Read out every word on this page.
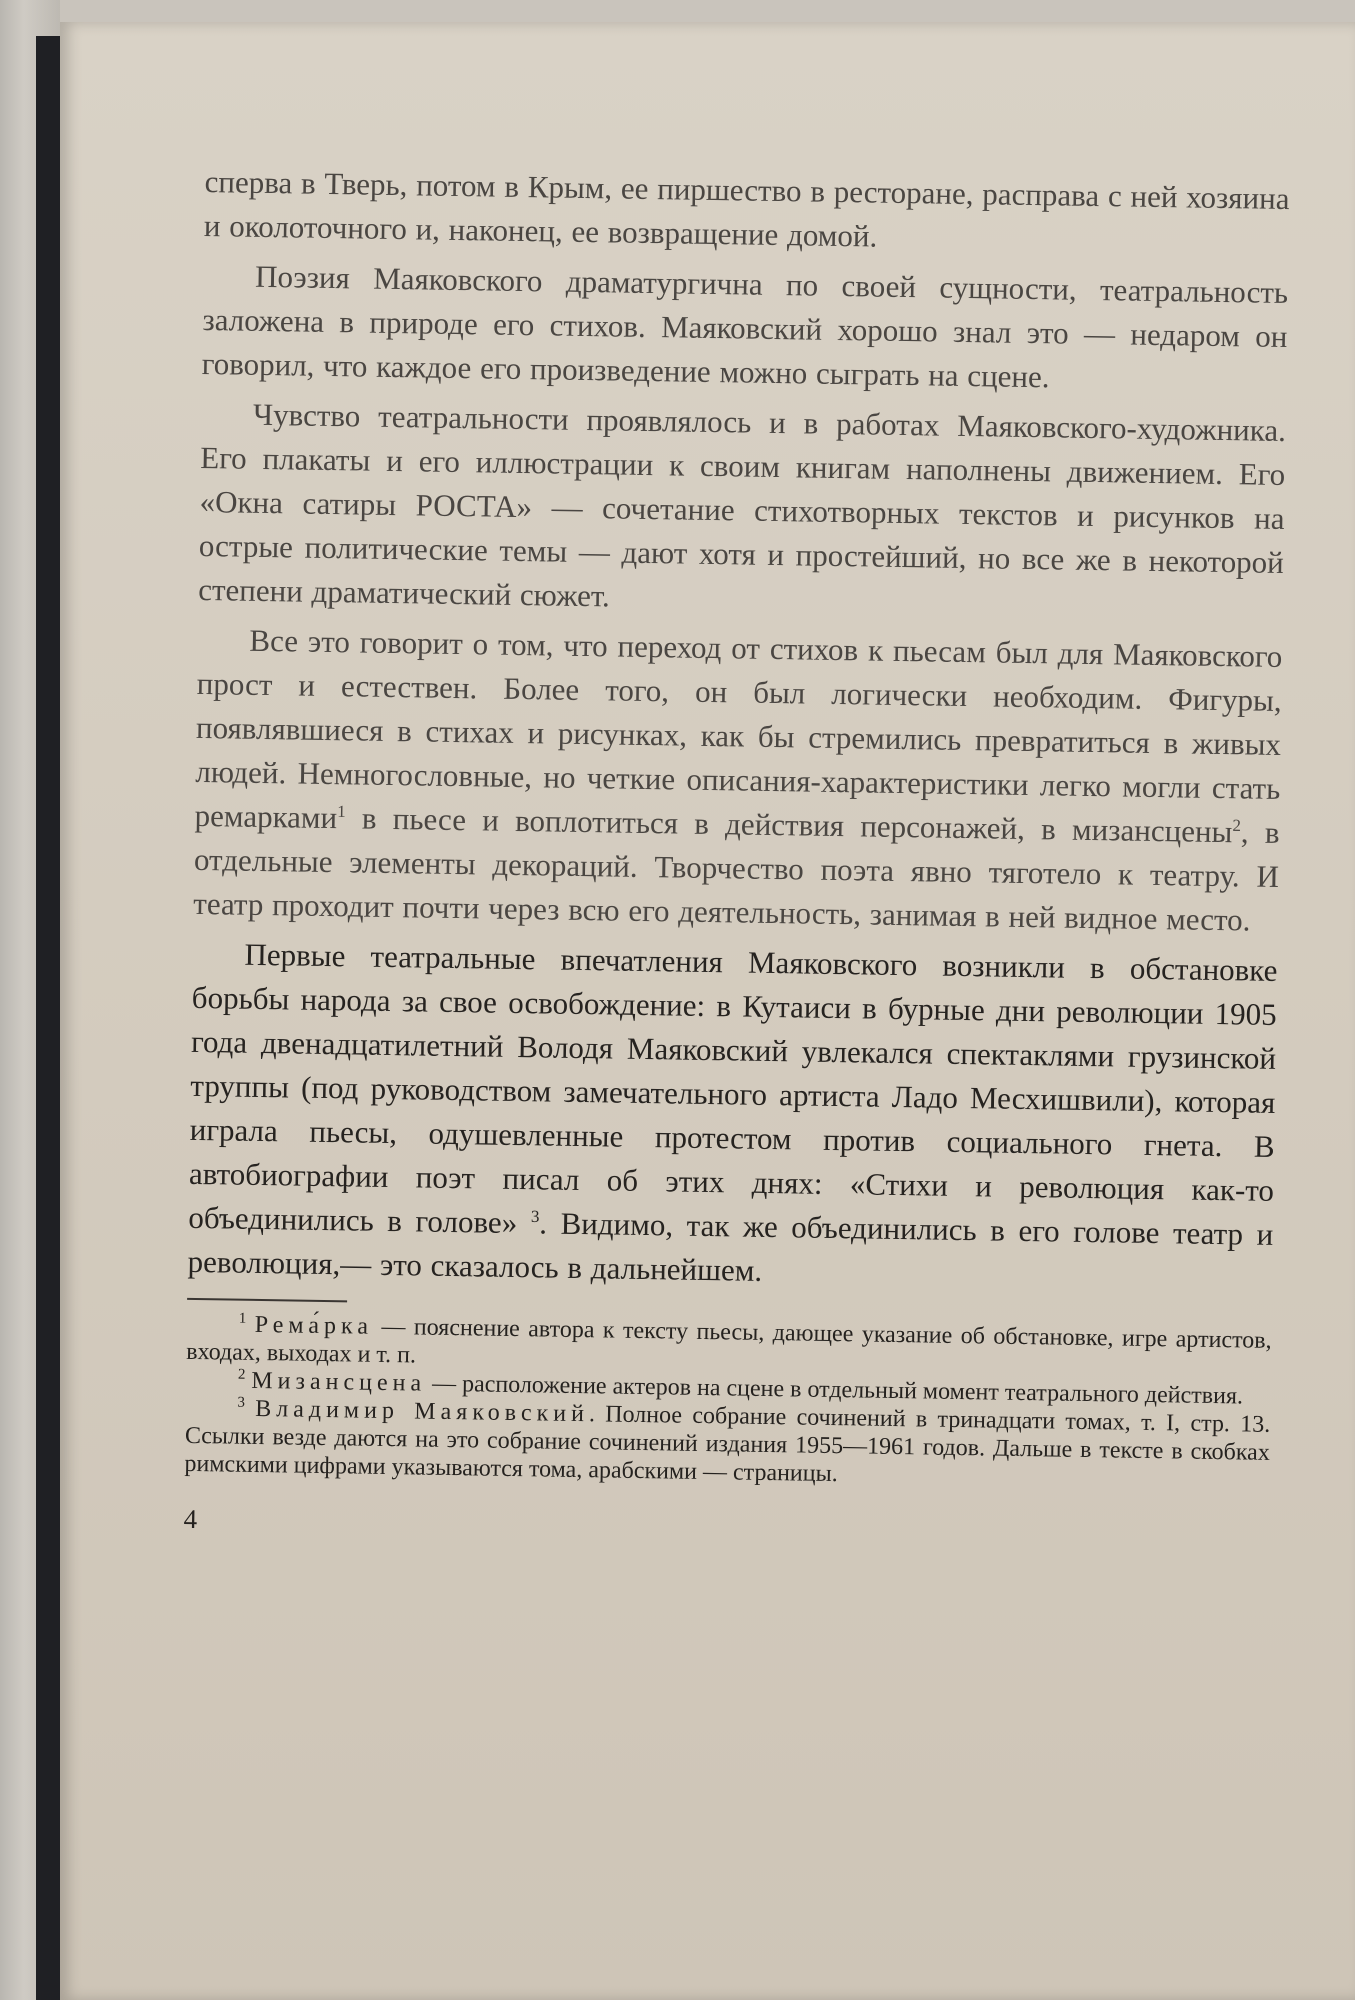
сперва в Тверь, потом в Крым, ее пиршество в ресторане, расправа с ней хозяина и околоточного и, наконец, ее возвращение домой.

Поэзия Маяковского драматургична по своей сущности, театральность заложена в природе его стихов. Маяковский хорошо знал это — недаром он говорил, что каждое его произведение можно сыграть на сцене.

Чувство театральности проявлялось и в работах Маяковского-художника. Его плакаты и его иллюстрации к своим книгам наполнены движением. Его «Окна сатиры РОСТА» — сочетание стихотворных текстов и рисунков на острые политические темы — дают хотя и простейший, но все же в некоторой степени драматический сюжет.

Все это говорит о том, что переход от стихов к пьесам был для Маяковского прост и естествен. Более того, он был логически необходим. Фигуры, появлявшиеся в стихах и рисунках, как бы стремились превратиться в живых людей. Немногословные, но четкие описания-характеристики легко могли стать ремарками$^1$ в пьесе и воплотиться в действия персонажей, в мизансцены$^2$, в отдельные элементы декораций. Творчество поэта явно тяготело к театру. И театр проходит почти через всю его деятельность, занимая в ней видное место.

Первые театральные впечатления Маяковского возникли в обстановке борьбы народа за свое освобождение: в Кутаиси в бурные дни революции 1905 года двенадцатилетний Володя Маяковский увлекался спектаклями грузинской труппы (под руководством замечательного артиста Ладо Месхишвили), которая играла пьесы, одушевленные протестом против социального гнета. В автобиографии поэт писал об этих днях: «Стихи и революция как-то объединились в голове» $^3$. Видимо, так же объединились в его голове театр и революция,— это сказалось в дальнейшем.

$^1$ Рема́рка — пояснение автора к тексту пьесы, дающее указание об обстановке, игре артистов, входах, выходах и т. п.

$^2$ Мизансцена — расположение актеров на сцене в отдельный момент театрального действия.

$^3$ Владимир Маяковский. Полное собрание сочинений в тринадцати томах, т. I, стр. 13. Ссылки везде даются на это собрание сочинений издания 1955—1961 годов. Дальше в тексте в скобках римскими цифрами указываются тома, арабскими — страницы.

4
